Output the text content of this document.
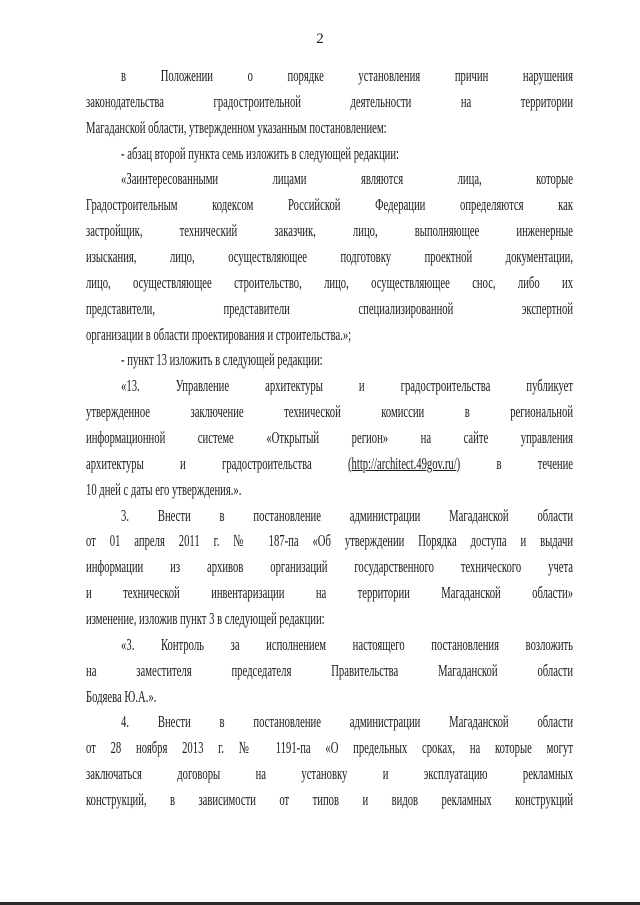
2
в Положении о порядке установления причин нарушения
законодательства градостроительной деятельности на территории
Магаданской области, утвержденном указанным постановлением:
- абзац второй пункта семь изложить в следующей редакции:
«Заинтересованными лицами являются лица, которые
Градостроительным кодексом Российской Федерации определяются как
застройщик, технический заказчик, лицо, выполняющее инженерные
изыскания, лицо, осуществляющее подготовку проектной документации,
лицо, осуществляющее строительство, лицо, осуществляющее снос, либо их
представители, представители специализированной экспертной
организации в области проектирования и строительства.»;
- пункт 13 изложить в следующей редакции:
«13. Управление архитектуры и градостроительства публикует
утвержденное заключение технической комиссии в региональной
информационной системе «Открытый регион» на сайте управления
архитектуры и градостроительства (http://architect.49gov.ru/) в течение
10 дней с даты его утверждения.».
3. Внести в постановление администрации Магаданской области
от 01 апреля 2011 г. № 187-па «Об утверждении Порядка доступа и выдачи
информации из архивов организаций государственного технического учета
и технической инвентаризации на территории Магаданской области»
изменение, изложив пункт 3 в следующей редакции:
«3. Контроль за исполнением настоящего постановления возложить
на заместителя председателя Правительства Магаданской области
Бодяева Ю.А.».
4. Внести в постановление администрации Магаданской области
от 28 ноября 2013 г. № 1191-па «О предельных сроках, на которые могут
заключаться договоры на установку и эксплуатацию рекламных
конструкций, в зависимости от типов и видов рекламных конструкций
